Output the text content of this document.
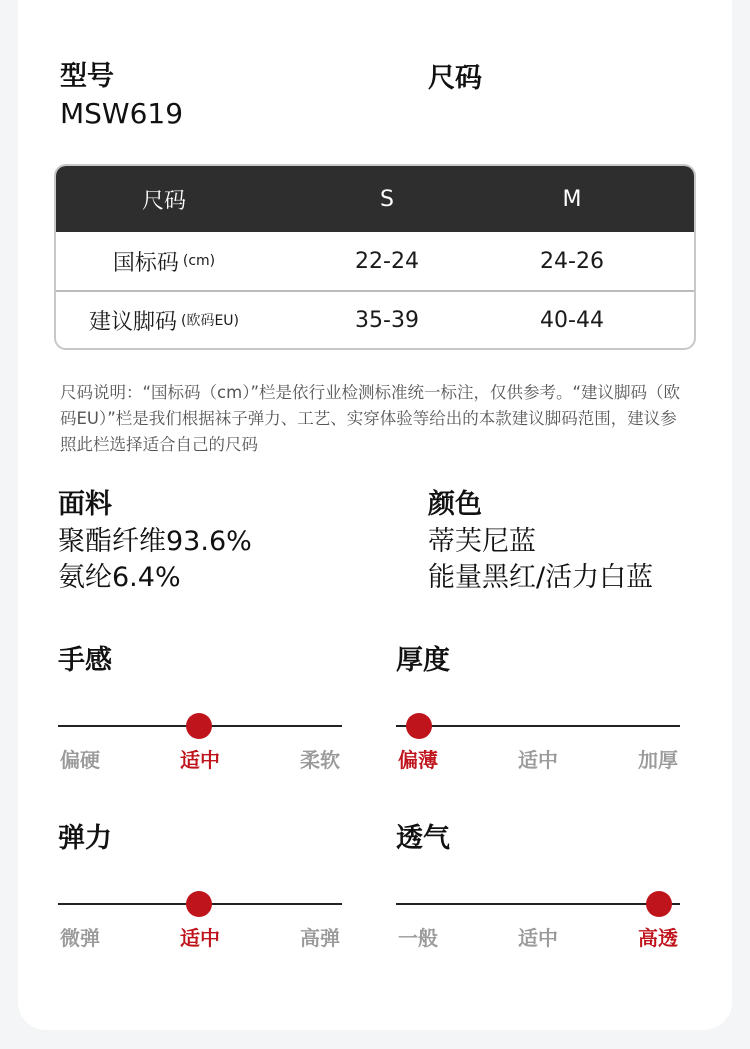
型号
MSW619
尺码
尺码	S	M
国标码 (cm)	22-24	24-26
建议脚码 (欧码EU)	35-39	40-44
尺码说明：“国标码（cm）”栏是依行业检测标准统一标注，仅供参考。“建议脚码（欧码EU）”栏是我们根据袜子弹力、工艺、实穿体验等给出的本款建议脚码范围，建议参照此栏选择适合自己的尺码
面料
聚酯纤维93.6%
氨纶6.4%
颜色
蒂芙尼蓝
能量黑红/活力白蓝
手感
偏硬	适中	柔软
厚度
偏薄	适中	加厚
弹力
微弹	适中	高弹
透气
一般	适中	高透
